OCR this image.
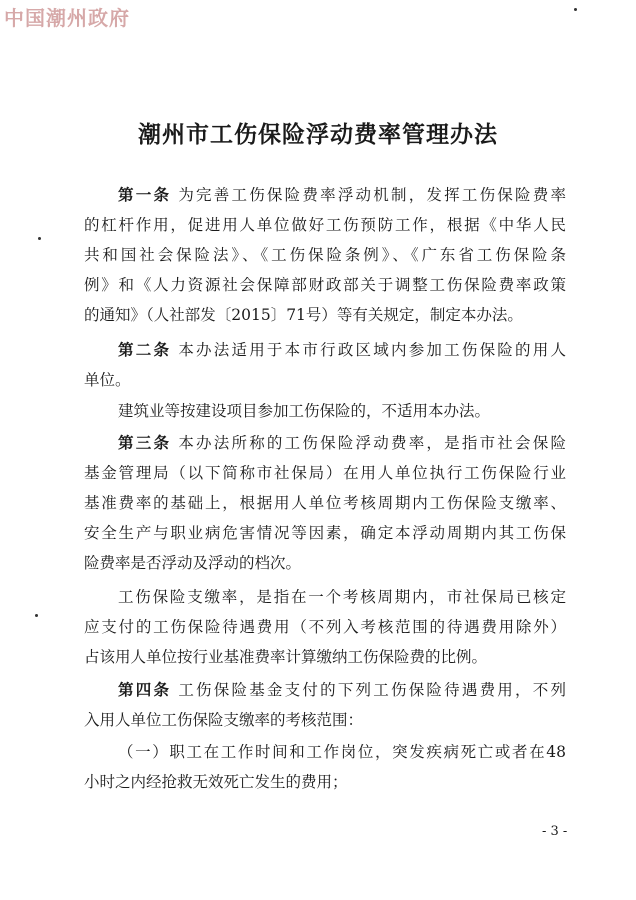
中国潮州政府
潮州市工伤保险浮动费率管理办法
第一条 为完善工伤保险费率浮动机制，发挥工伤保险费率
的杠杆作用，促进用人单位做好工伤预防工作，根据《中华人民
共和国社会保险法》、《工伤保险条例》、《广东省工伤保险条
例》和《人力资源社会保障部财政部关于调整工伤保险费率政策
的通知》（人社部发〔2015〕71号）等有关规定，制定本办法。
第二条 本办法适用于本市行政区域内参加工伤保险的用人
单位。
建筑业等按建设项目参加工伤保险的，不适用本办法。
第三条 本办法所称的工伤保险浮动费率，是指市社会保险
基金管理局（以下简称市社保局）在用人单位执行工伤保险行业
基准费率的基础上，根据用人单位考核周期内工伤保险支缴率、
安全生产与职业病危害情况等因素，确定本浮动周期内其工伤保
险费率是否浮动及浮动的档次。
工伤保险支缴率，是指在一个考核周期内，市社保局已核定
应支付的工伤保险待遇费用（不列入考核范围的待遇费用除外）
占该用人单位按行业基准费率计算缴纳工伤保险费的比例。
第四条 工伤保险基金支付的下列工伤保险待遇费用，不列
入用人单位工伤保险支缴率的考核范围：
（一）职工在工作时间和工作岗位，突发疾病死亡或者在48
小时之内经抢救无效死亡发生的费用；
- 3 -
